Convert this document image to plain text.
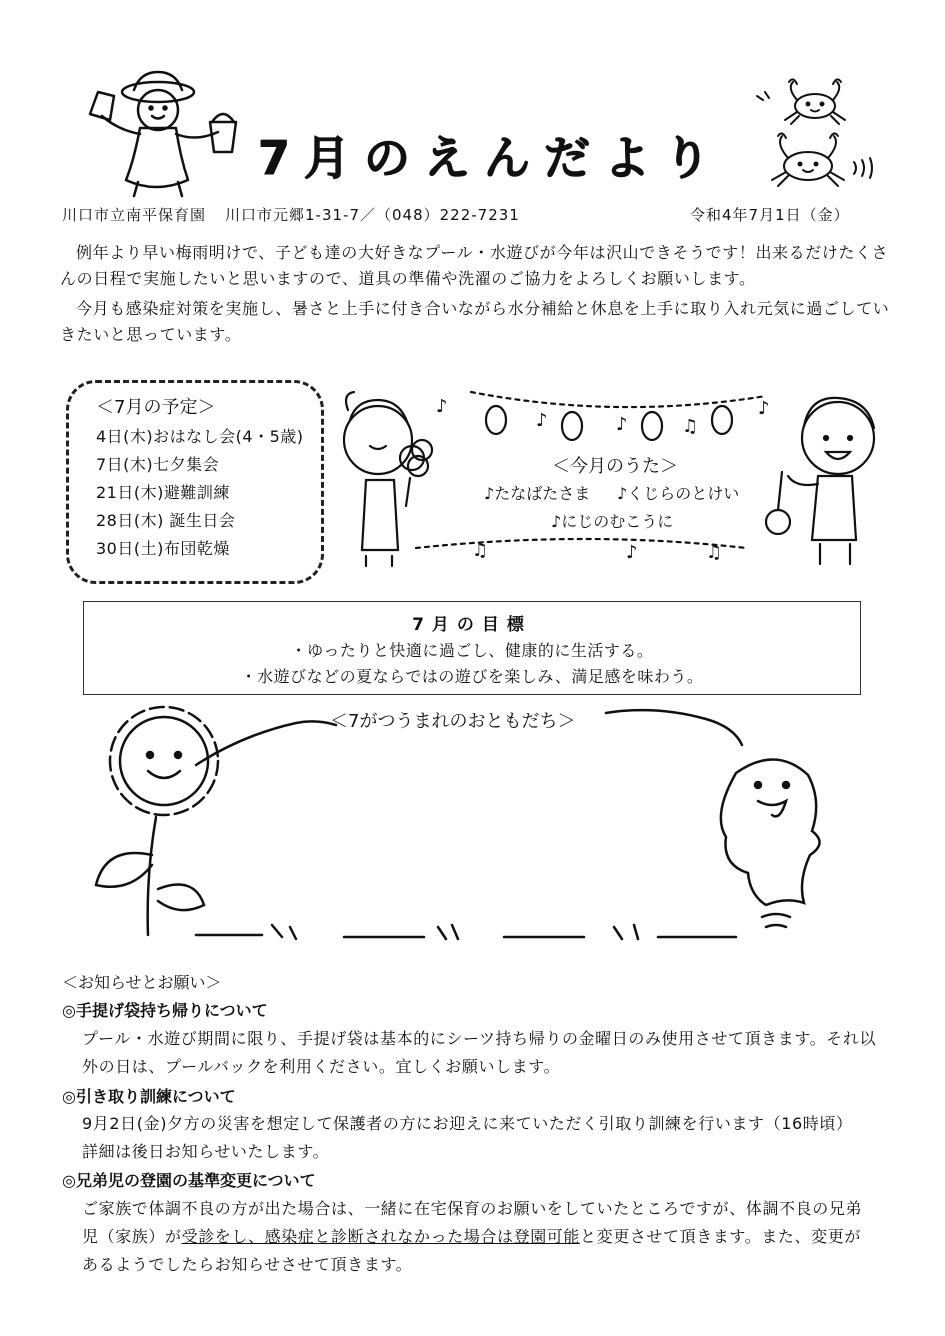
7月のえんだより
川口市立南平保育園 川口市元郷1-31-7／（048）222-7231	令和4年7月1日（金）
例年より早い梅雨明けで、子ども達の大好きなプール・水遊びが今年は沢山できそうです！出来るだけたくさんの日程で実施したいと思いますので、道具の準備や洗濯のご協力をよろしくお願いします。
今月も感染症対策を実施し、暑さと上手に付き合いながら水分補給と休息を上手に取り入れ元気に過ごしていきたいと思っています。
＜7月の予定＞
4日(木)おはなし会(4・5歳)
7日(木)七夕集会
21日(木)避難訓練
28日(木) 誕生日会
30日(土)布団乾燥
♪
♪	♪	♫
♪
♫	♪	♫
＜今月のうた＞
♪たなばたさま ♪くじらのとけい
♪にじのむこうに
7月の目標
・ゆったりと快適に過ごし、健康的に生活する。
・水遊びなどの夏ならではの遊びを楽しみ、満足感を味わう。
＜7がつうまれのおともだち＞
＜お知らせとお願い＞
◎手提げ袋持ち帰りについて
プール・水遊び期間に限り、手提げ袋は基本的にシーツ持ち帰りの金曜日のみ使用させて頂きます。それ以
外の日は、プールバックを利用ください。宜しくお願いします。
◎引き取り訓練について
9月2日(金)夕方の災害を想定して保護者の方にお迎えに来ていただく引取り訓練を行います（16時頃）
詳細は後日お知らせいたします。
◎兄弟児の登園の基準変更について
ご家族で体調不良の方が出た場合は、一緒に在宅保育のお願いをしていたところですが、体調不良の兄弟
児（家族）が受診をし、感染症と診断されなかった場合は登園可能と変更させて頂きます。また、変更が
あるようでしたらお知らせさせて頂きます。
